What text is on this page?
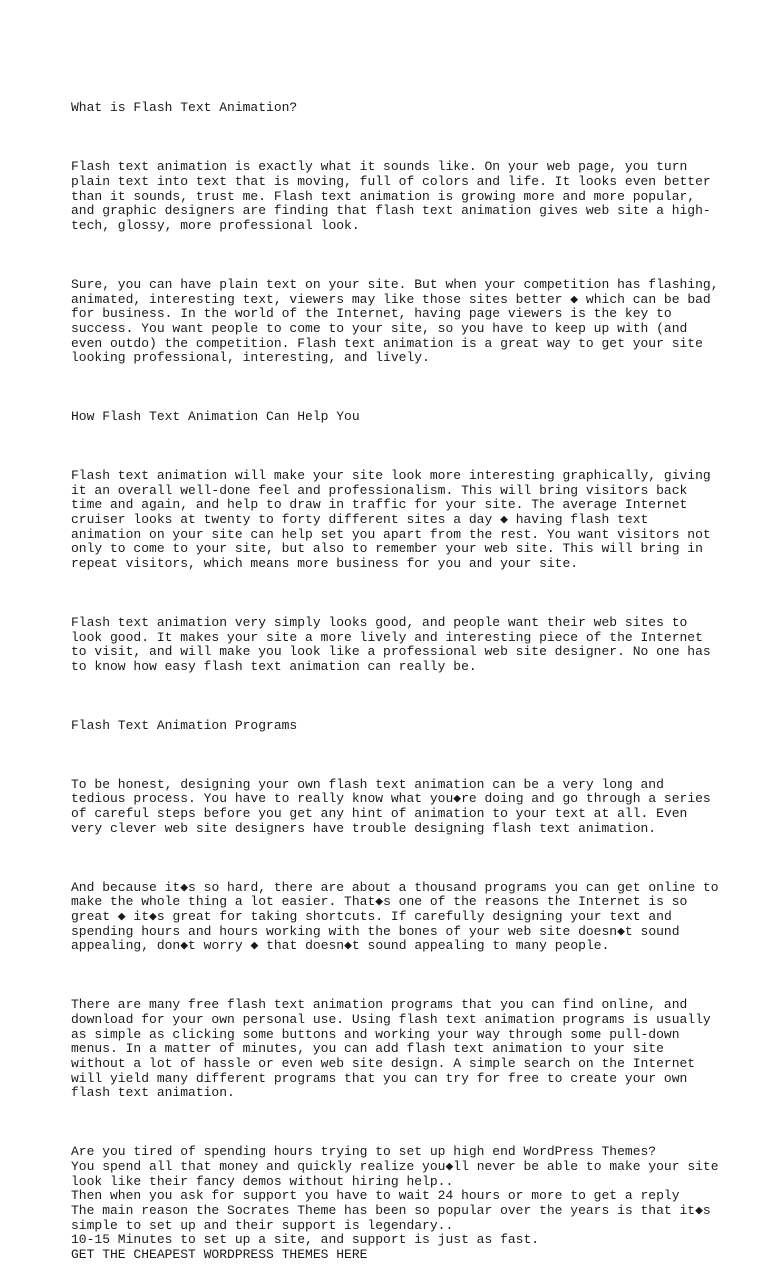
What is Flash Text Animation?

Flash text animation is exactly what it sounds like. On your web page, you turn
plain text into text that is moving, full of colors and life. It looks even better
than it sounds, trust me. Flash text animation is growing more and more popular,
and graphic designers are finding that flash text animation gives web site a high-
tech, glossy, more professional look.

Sure, you can have plain text on your site. But when your competition has flashing,
animated, interesting text, viewers may like those sites better ◆ which can be bad
for business. In the world of the Internet, having page viewers is the key to
success. You want people to come to your site, so you have to keep up with (and
even outdo) the competition. Flash text animation is a great way to get your site
looking professional, interesting, and lively.

How Flash Text Animation Can Help You

Flash text animation will make your site look more interesting graphically, giving
it an overall well-done feel and professionalism. This will bring visitors back
time and again, and help to draw in traffic for your site. The average Internet
cruiser looks at twenty to forty different sites a day ◆ having flash text
animation on your site can help set you apart from the rest. You want visitors not
only to come to your site, but also to remember your web site. This will bring in
repeat visitors, which means more business for you and your site.

Flash text animation very simply looks good, and people want their web sites to
look good. It makes your site a more lively and interesting piece of the Internet
to visit, and will make you look like a professional web site designer. No one has
to know how easy flash text animation can really be.

Flash Text Animation Programs

To be honest, designing your own flash text animation can be a very long and
tedious process. You have to really know what you◆re doing and go through a series
of careful steps before you get any hint of animation to your text at all. Even
very clever web site designers have trouble designing flash text animation.

And because it◆s so hard, there are about a thousand programs you can get online to
make the whole thing a lot easier. That◆s one of the reasons the Internet is so
great ◆ it◆s great for taking shortcuts. If carefully designing your text and
spending hours and hours working with the bones of your web site doesn◆t sound
appealing, don◆t worry ◆ that doesn◆t sound appealing to many people.

There are many free flash text animation programs that you can find online, and
download for your own personal use. Using flash text animation programs is usually
as simple as clicking some buttons and working your way through some pull-down
menus. In a matter of minutes, you can add flash text animation to your site
without a lot of hassle or even web site design. A simple search on the Internet
will yield many different programs that you can try for free to create your own
flash text animation.

Are you tired of spending hours trying to set up high end WordPress Themes?
You spend all that money and quickly realize you◆ll never be able to make your site
look like their fancy demos without hiring help..
Then when you ask for support you have to wait 24 hours or more to get a reply
The main reason the Socrates Theme has been so popular over the years is that it◆s
simple to set up and their support is legendary..
10-15 Minutes to set up a site, and support is just as fast.
GET THE CHEAPEST WORDPRESS THEMES HERE
